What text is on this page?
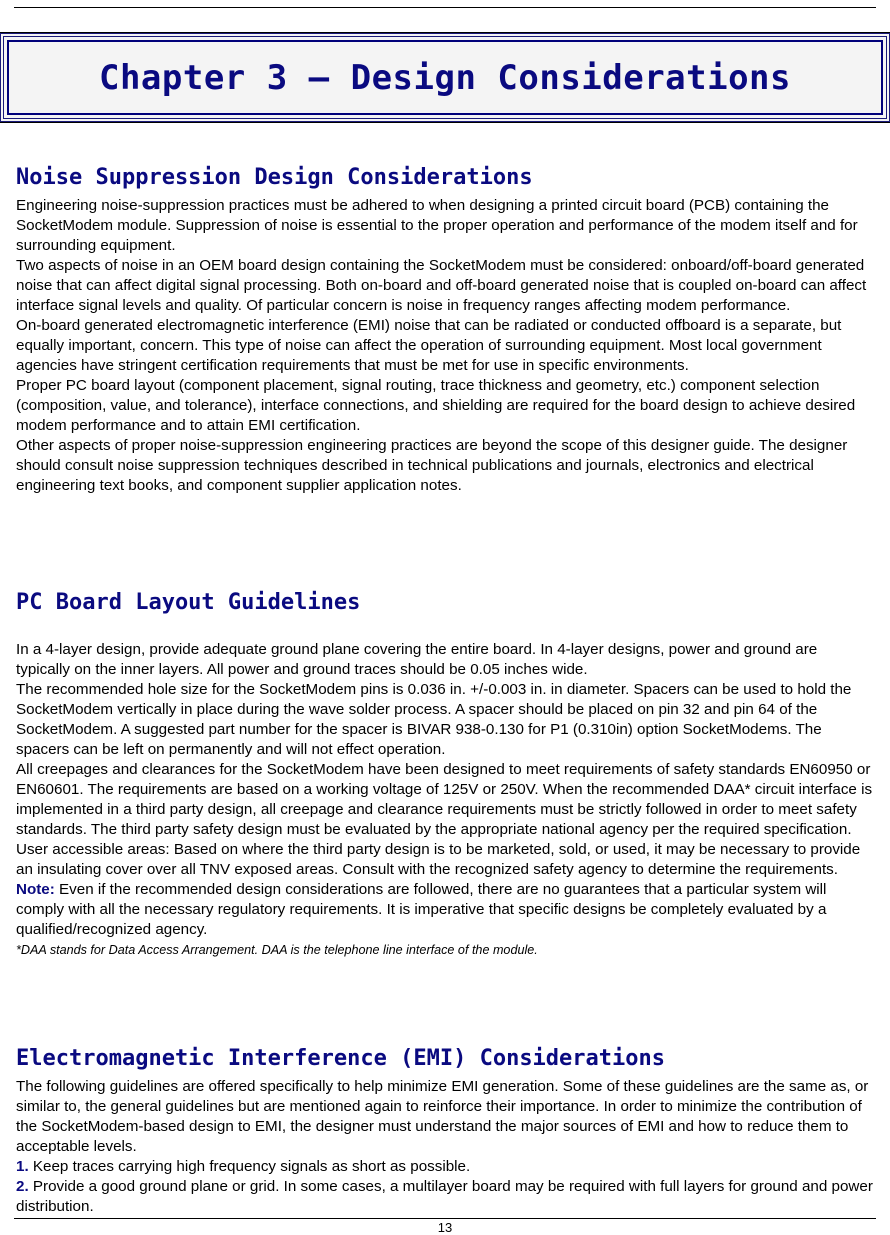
Chapter 3 – Design Considerations
Noise Suppression Design Considerations

Engineering noise-suppression practices must be adhered to when designing a printed circuit board (PCB) containing the SocketModem module. Suppression of noise is essential to the proper operation and performance of the modem itself and for surrounding equipment.

Two aspects of noise in an OEM board design containing the SocketModem must be considered: onboard/off-board generated noise that can affect digital signal processing. Both on-board and off-board generated noise that is coupled on-board can affect interface signal levels and quality. Of particular concern is noise in frequency ranges affecting modem performance.

On-board generated electromagnetic interference (EMI) noise that can be radiated or conducted offboard is a separate, but equally important, concern. This type of noise can affect the operation of surrounding equipment. Most local government agencies have stringent certification requirements that must be met for use in specific environments.

Proper PC board layout (component placement, signal routing, trace thickness and geometry, etc.) component selection (composition, value, and tolerance), interface connections, and shielding are required for the board design to achieve desired modem performance and to attain EMI certification.

Other aspects of proper noise-suppression engineering practices are beyond the scope of this designer guide. The designer should consult noise suppression techniques described in technical publications and journals, electronics and electrical engineering text books, and component supplier application notes.

PC Board Layout Guidelines

In a 4-layer design, provide adequate ground plane covering the entire board. In 4-layer designs, power and ground are typically on the inner layers. All power and ground traces should be 0.05 inches wide.

The recommended hole size for the SocketModem pins is 0.036 in. +/-0.003 in. in diameter. Spacers can be used to hold the SocketModem vertically in place during the wave solder process. A spacer should be placed on pin 32 and pin 64 of the SocketModem. A suggested part number for the spacer is BIVAR 938-0.130 for P1 (0.310in) option SocketModems. The spacers can be left on permanently and will not effect operation.

All creepages and clearances for the SocketModem have been designed to meet requirements of safety standards EN60950 or EN60601. The requirements are based on a working voltage of 125V or 250V. When the recommended DAA* circuit interface is implemented in a third party design, all creepage and clearance requirements must be strictly followed in order to meet safety standards. The third party safety design must be evaluated by the appropriate national agency per the required specification.

User accessible areas: Based on where the third party design is to be marketed, sold, or used, it may be necessary to provide an insulating cover over all TNV exposed areas. Consult with the recognized safety agency to determine the requirements.

Note: Even if the recommended design considerations are followed, there are no guarantees that a particular system will comply with all the necessary regulatory requirements. It is imperative that specific designs be completely evaluated by a qualified/recognized agency.

*DAA stands for Data Access Arrangement. DAA is the telephone line interface of the module.

Electromagnetic Interference (EMI) Considerations

The following guidelines are offered specifically to help minimize EMI generation. Some of these guidelines are the same as, or similar to, the general guidelines but are mentioned again to reinforce their importance. In order to minimize the contribution of the SocketModem-based design to EMI, the designer must understand the major sources of EMI and how to reduce them to acceptable levels.

1. Keep traces carrying high frequency signals as short as possible.

2. Provide a good ground plane or grid. In some cases, a multilayer board may be required with full layers for ground and power distribution.

13
